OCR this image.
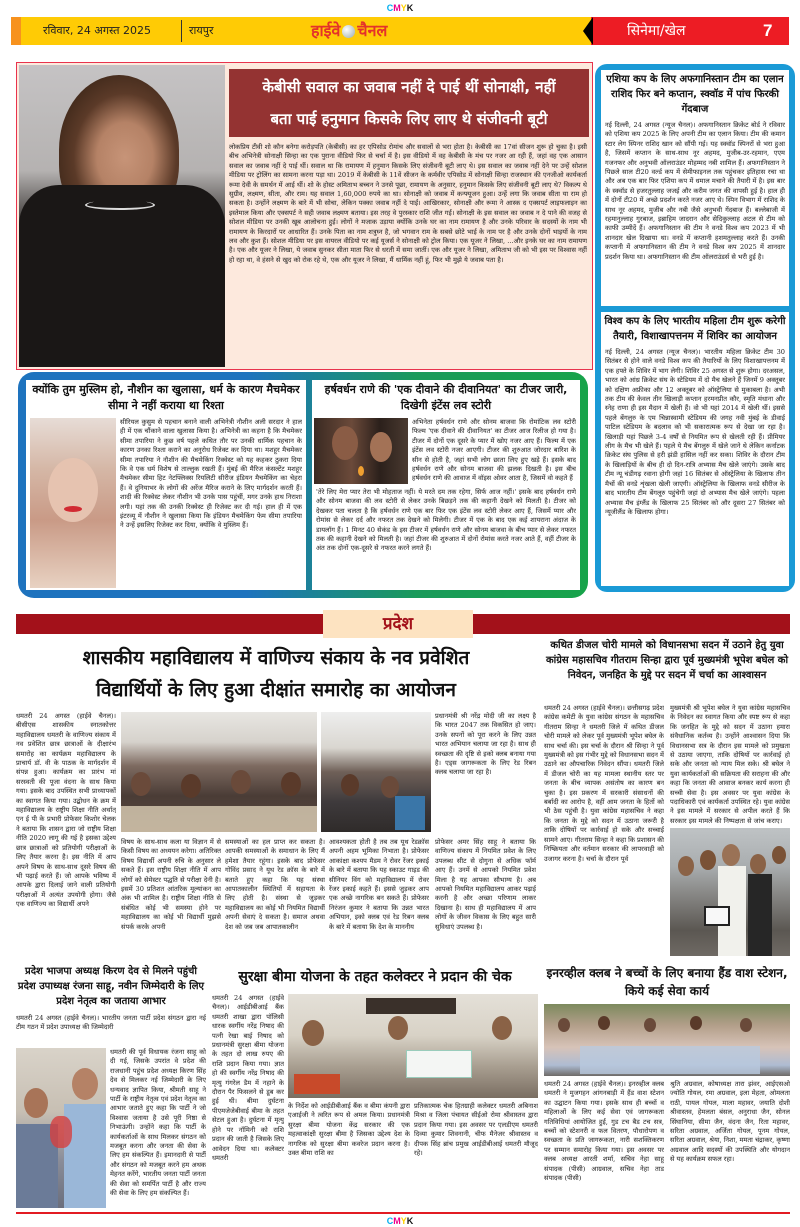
CMYK
रविवार, 24 अगस्त 2025	रायपुर	हाईवे चैनल	सिनेमा/खेल	7
केबीसी सवाल का जवाब नहीं दे पाई थीं सोनाक्षी, नहीं
बता पाई हनुमान किसके लिए लाए थे संजीवनी बूटी
लोकप्रिय टीवी शो कौन बनेगा करोड़पति (केबीसी) का हर एपिसोड रोमांच और सवालों से भरा होता है। केबीसी का 17वां सीजन शुरू हो चुका है। इसी बीच अभिनेत्री सोनाक्षी सिन्हा का एक पुराना वीडियो फिर से चर्चा में है। इस वीडियो में वह केबीसी के मंच पर नजर आ रही हैं, जहां वह एक आसान सवाल का जवाब नहीं दे पाई थीं। सवाल था कि रामायण में हनुमान किसके लिए संजीवनी बूटी लाए थे। इस सवाल का जवाब नहीं देने पर उन्हें सोशल मीडिया पर ट्रोलिंग का सामना करना पड़ा था। 2019 में केबीसी के 11वें सीजन के कर्मवीर एपिसोड में सोनाक्षी सिन्हा राजस्थान की एनजीओ कार्यकर्ता रूमा देवी के समर्थन में आई थीं। शो के होस्ट अमिताभ बच्चन ने उनसे पूछा, रामायण के अनुसार, हनुमान किसके लिए संजीवनी बूटी लाए थे? विकल्प थे सुग्रीव, लक्ष्मण, सीता, और राम। यह सवाल 1,60,000 रुपये का था। सोनाक्षी को जवाब में कन्फ्यूजन हुआ। उन्हें लगा कि जवाब सीता या राम हो सकता है। उन्होंने लक्ष्मण के बारे में भी सोचा, लेकिन पक्का जवाब नहीं दे पाईं। आखिरकार, सोनाक्षी और रूमा ने आस्क द एक्सपर्ट लाइफलाइन का इस्तेमाल किया और एक्सपर्ट ने सही जवाब लक्ष्मण बताया। इस तरह वे पुरस्कार राशि जीत गईं। सोनाक्षी के इस सवाल का जवाब न दे पाने की वजह से सोशल मीडिया पर उनकी खूब आलोचना हुई। लोगों ने मजाक उड़ाया क्योंकि उनके घर का नाम रामायण है और उनके परिवार के सदस्यों के नाम भी रामायण के किरदारों पर आधारित हैं। उनके पिता का नाम शत्रुघ्न है, जो भगवान राम के सबसे छोटे भाई के नाम पर है और उनके दोनों भाइयों के नाम लव और कुश हैं। सोशल मीडिया पर इस वायरल वीडियो पर कई यूजर्स ने सोनाक्षी को ट्रोल किया। एक यूजर ने लिखा, ...और इनके घर का नाम रामायण है। एक और यूजर ने लिखा, ये जवाब सुनकर सीता माता फिर से धरती में समा जातीं। एक और यूजर ने लिखा, अमिताभ जी को भी इस पर विश्वास नहीं हो रहा था, वे हंसने से खुद को रोक रहे थे, एक और यूजर ने लिखा, मैं धार्मिक नहीं हूं, फिर भी मुझे ये जवाब पता है।
क्योंकि तुम मुस्लिम हो, नौशीन का खुलासा, धर्म के कारण मैचमेकर सीमा ने नहीं कराया था रिश्ता
सीरियल कुसुम से पहचान बनाने वाली अभिनेत्री नौशीन अली सरदार ने हाल ही में एक चौंकाने वाला खुलासा किया है। अभिनेत्री का कहना है कि मैचमेकर सीमा तपारिया ने कुछ वर्ष पहले कथित तौर पर उनकी धार्मिक पहचान के कारण उनका रिश्ता कराने का अनुरोध रिजेक्ट कर दिया था। मशहूर मैचमेकर सीमा तपारिया ने नौशीन की मैचमेकिंग रिक्वेस्ट को यह कहकर ठुकरा दिया कि वे एक धर्म विशेष से ताल्लुक रखती हैं। मुंबई की मैरिज कंसल्टेंट मशहूर मैचमेकर सीमा हिट नेटफ्लिक्स रियलिटी सीरीज इंडियन मैचमेकिंग का चेहरा हैं। वे दुनियाभर के लोगों की अरेंज मैरिज कराने के लिए मार्गदर्शन करती हैं। शादी की रिक्वेस्ट लेकर नौशीन भी उनके पास पहुंचीं, मगर उनके हाथ निराशा लगी। यहां तक की उनकी रिक्वेस्ट ही रिजेक्ट कर दी गई। हाल ही में एक इंटरव्यू में नौशीन ने खुलासा किया कि इंडियन मैचमेकिंग फेम सीमा तपारिया ने उन्हें इसलिए रिजेक्ट कर दिया, क्योंकि वे मुस्लिम हैं।
हर्षवर्धन राणे की 'एक दीवाने की दीवानियत' का टीजर जारी, दिखेगी इंटेंस लव स्टोरी
अभिनेता हर्षवर्धन राणे और सोनम बाजवा कि रोमांटिक लव स्टोरी फिल्म 'एक दीवाने की दीवानियत' का टीजर आज रिलीज हो गया है। टीजर में दोनों एक दूसरे के प्यार में खोए नजर आए हैं। फिल्म में एक इंटेंस लव स्टोरी नजर आएगी। टीजर की शुरुआत जोरदार बारिश के सीन से होती है, जहां सभी लोग छाता लिए हुए खड़े हैं। इसके बाद हर्षवर्धन राणे और सोनम बाजवा की झलक दिखती है। इस बीच हर्षवर्धन राणे की आवाज में वॉइस ओवर आता है, जिसमें वो कहते हैं
'तेरे लिए मेरा प्यार तेरा भी मोहताज नहीं। ये मरते दम तक रहेगा, सिर्फ आज नहीं।' इसके बाद हर्षवर्धन राणे और सोनम बाजवा की लव स्टोरी से लेकर उनके बिछड़ने तक की कहानी देखने को मिलती है। टीजर को देखकर पता चलता है कि हर्षवर्धन राणे एक बार फिर एक इंटेंस लव स्टोरी लेकर आए हैं, जिसमें प्यार और रोमांस से लेकर दर्द और नफरत तक देखने को मिलेगी। टीजर में एक के बाद एक कई शायराना अंदाज के डायलॉग हैं। 1 मिनट 40 सेकंड के इस टीजर में हर्षवर्धन राणे और सोनम बाजवा के बीच प्यार से लेकर नफरत तक की कहानी देखने को मिलती है। जहां टीजर की शुरुआत में दोनों रोमांस करते नजर आते हैं, वहीं टीजर के अंत तक दोनों एक-दूसरे से नफरत करने लगते हैं।
एशिया कप के लिए अफगानिस्तान टीम का एलान राशिद फिर बने कप्तान, स्क्वॉड में पांच फिरकी गेंदबाज
नई दिल्ली, 24 अगस्त (न्यूज चैनल)। अफगानिस्तान क्रिकेट बोर्ड ने रविवार को एशिया कप 2025 के लिए अपनी टीम का एलान किया। टीम की कमान स्टार लेग स्पिनर राशिद खान को सौंपी गई। यह स्क्वॉड स्पिनरों से भरा हुआ है, जिसमें कप्तान के साथ-साथ नूर अहमद, मुजीब-उर-रहमान, एएम गजनफर और अनुभवी ऑलराउंडर मोहम्मद नबी शामिल हैं। अफगानिस्तान ने पिछले साल टी20 वर्ल्ड कप में सेमीफाइनल तक पहुंचकर इतिहास रचा था और अब एक बार फिर एशिया कप में धमाल मचाने की तैयारी में है। इस बार के स्क्वॉड से हजरतुल्लाह जजई और करीम जनत की वापसी हुई है। हाल ही में दोनों टी20 में अच्छे प्रदर्शन करते नजर आए थे। स्पिन विभाग में राशिद के साथ नूर अहमद, मुजीब और नबी जैसे अनुभवी गेंदबाज हैं। बल्लेबाजी में रहमानुल्लाह गुरबाज, इब्राहिम जादरान और सेदिकुल्लाह अटल से टीम को काफी उम्मीदें हैं। अफगानिस्तान की टीम ने वनडे विश्व कप 2023 में भी शानदार खेल दिखाया था। वनडे में कप्तानी हशमतुल्लाह करते हैं। उनकी कप्तानी में अफगानिस्तान की टीम ने वनडे विश्व कप 2025 में शानदार प्रदर्शन किया था। अफगानिस्तान की टीम ऑलराउंडर्स से भरी हुई है।
विश्व कप के लिए भारतीय महिला टीम शुरू करेगी तैयारी, विशाखापत्तनम में शिविर का आयोजन
नई दिल्ली, 24 अगस्त (न्यूज चैनल)। भारतीय महिला क्रिकेट टीम 30 सितंबर से होने वाले वनडे विश्व कप की तैयारियों के लिए विशाखापत्तनम में एक हफ्ते के शिविर में भाग लेगी। शिविर 25 अगस्त से शुरू होगा। दरअसल, भारत को आंध्र क्रिकेट संघ के स्टेडियम में दो मैच खेलने हैं जिनमें 9 अक्तूबर को दक्षिण अफ्रीका और 12 अक्तूबर को ऑस्ट्रेलिया से मुकाबला है। अभी तक टीम की केवल तीन खिलाड़ी कप्तान हरमनप्रीत कौर, स्मृति मंधाना और स्नेह राणा ही इस मैदान में खेली हैं। वो भी यहां 2014 में खेली थीं। इससे पहले बेंगलुरु के एम चिन्नास्वामी स्टेडियम की जगह नवी मुंबई के डीवाई पाटिल स्टेडियम के बदलाव को भी सकारात्मक रूप से देखा जा रहा है। खिलाड़ी यहां पिछले 3-4 वर्षों से नियमित रूप से खेलती रही हैं। प्रीमियर लीग के मैच भी खेले हैं। पहले ये मैच बेंगलुरु में खेले जाने थे लेकिन कर्नाटक क्रिकेट संघ पुलिस से हरी झंडी हासिल नहीं कर सका। शिविर के दौरान टीम के खिलाड़ियों के बीच ही दो दिन-रात्रि अभ्यास मैच खेले जाएंगे। उसके बाद टीम न्यू चंडीगढ़ रवाना होगी जहां 16 सितंबर से ऑस्ट्रेलिया के खिलाफ तीन मैचों की वनडे शृंखला खेली जाएगी। ऑस्ट्रेलिया के खिलाफ वनडे सीरीज के बाद भारतीय टीम बेंगलूरु पहुंचेगी जहां दो अभ्यास मैच खेले जाएंगे। पहला अभ्यास मैच इंग्लैंड के खिलाफ 25 सितंबर को और दूसरा 27 सितंबर को न्यूजीलैंड के खिलाफ होगा।
प्रदेश
शासकीय महाविद्यालय में वाणिज्य संकाय के नव प्रवेशित
विद्यार्थियों के लिए हुआ दीक्षांत समारोह का आयोजन
धमतरी 24 अगस्त (हाईवे चैनल)। बीसीएस शासकीय स्नातकोत्तर महाविद्यालय धमतरी के वाणिज्य संकाय में नव प्रवेशित छात्र छात्राओं के दीक्षारंभ समारोह का कार्यक्रम महाविद्यालय के प्राचार्य डॉ. वी के पाठक के मार्गदर्शन में संपन्न हुआ। कार्यक्रम का प्रारंभ मां सरस्वती की पूजा वंदना के साथ किया गया। इसके बाद उपस्थित सभी प्राध्यापकों का स्वागत किया गया। उद्बोधन के क्रम में महाविद्यालय के राष्ट्रीय शिक्षा नीति अर्थात् एन ई पी के प्रभारी प्रोफेसर किशोर चेलक ने बताया कि शासन द्वारा जो राष्ट्रीय शिक्षा नीति 2020 लागू की गई है इसका उद्देश्य छात्र छात्राओं को प्रतियोगी परीक्षाओं के लिए तैयार करना है। इस नीति में आप अपने विषय के साथ-साथ दूसरे विषय की भी पढ़ाई करते हैं। जो आपके भविष्य में आपके द्वारा दिलाई जाने वाली प्रतियोगी परीक्षाओं में अत्यंत उपयोगी होगा। जैसे एक वाणिज्य का विद्यार्थी अपने
प्रधानमंत्री श्री नरेंद्र मोदी जी का लक्ष्य है कि भारत 2047 तक विकसित हो जाए। उनके सपनों को पूरा करने के लिए उन्नत भारत अभियान चलाया जा रहा है। साथ ही स्वच्छता की दृष्टि से इको क्लब बनाया गया है। एड्स जागरूकता के लिए रेड रिबन क्लब चलाया जा रहा है।
विषय के साथ-साथ कला या विज्ञान में से किसी विषय का अध्ययन करेगा। अतिरिक्त विषय विद्यार्थी अपनी रुचि के अनुसार ले सकते हैं। इस राष्ट्रीय शिक्षा नीति में आप लोगों को सेमेस्टर पद्धति से परीक्षा देनी है। इसमें 30 प्रतिशत आंतरिक मूल्यांकन का अंक भी शामिल है। राष्ट्रीय शिक्षा नीति से संबंधित कोई भी समस्या होने पर महाविद्यालय का कोई भी विद्यार्थी मुझसे संपर्क करके अपनी
समस्याओं का हल प्राप्त कर सकता है। आपकी समस्याओं के समाधान के लिए मैं हमेशा तैयार रहूंगा। इसके बाद प्रोफेसर गोविंद प्रसाद ने यूथ रेड क्रॉस के बारे में बताते हुए कहा कि यह संस्था आपातकालीन स्थितियों में सहायता के लिए होती है। संस्था से जुड़कर महाविद्यालय का कोई भी नियमित विद्यार्थी अपनी सेवाएं दे सकता है। समाज अथवा देश को जब जब आपातकालीन
आवश्यकता होती है तब तब यूथ रेडक्रॉस अपनी अहम भूमिका निभाता है। प्रोफेसर आकांक्षा कश्यप मैडम ने रोवर रेंजर इकाई के बारे में बताया कि यह स्काउट गाइड की सीनियर विंग को महाविद्यालय में रोवर रेंजर इकाई कहते हैं। इससे जुड़कर आप एक अच्छे नागरिक बन सकते हैं। प्रोफेसर निरंजन कुमार ने बताया कि उन्नत भारत अभियान, इको क्लब एवं रेड रिबन क्लब के बारे में बताया कि देश के माननीय
प्रोफेसर अमर सिंह साहू ने बताया कि वाणिज्य संकाय में नियमित प्रवेश के लिए उपलब्ध सीट से दोगुना से अधिक फॉर्म आए हैं। उनमें से आपको नियमित प्रवेश मिला है यह आपका सौभाग्य है। अब आपको नियमित महाविद्यालय आकर पढ़ाई करनी है और अच्छा परिणाम लाकर दिखाना है। साथ ही महाविद्यालय में आप लोगों के जीवन विकास के लिए बहुत सारी सुविधाएं उपलब्ध है।
कथित डीजल चोरी मामले को विधानसभा सदन में उठाने हेतु युवा कांग्रेस महासचिव गीतराम सिन्हा द्वारा पूर्व मुख्यमंत्री भूपेश बघेल को निवेदन, जनहित के मुद्दे पर सदन में चर्चा का आश्वासन
धमतरी 24 अगस्त (हाईवे चैनल)। छत्तीसगढ़ प्रदेश कांग्रेस कमेटी के युवा कांग्रेस संगठन के महासचिव गीतराम सिन्हा ने धमतरी जिले में कथित डीजल चोरी मामले को लेकर पूर्व मुख्यमंत्री भूपेश बघेल के साथ चर्चा की। इस चर्चा के दौरान श्री सिन्हा ने पूर्व मुख्यमंत्री को इस गंभीर मुद्दे को विधानसभा सदन में उठाने का औपचारिक निवेदन सौंपा। धमतरी जिले में डीजल चोरी का यह मामला स्थानीय स्तर पर जनता के बीच व्यापक असंतोष का कारण बन चुका है। इस प्रकरण में सरकारी संसाधनों की बर्बादी का आरोप है, वहीं आम जनता के हितों को भी ठेस पहुंची है। युवा कांग्रेस महासचिव ने कहा कि जनता के मुद्दे को सदन में उठाना जरूरी है ताकि दोषियों पर कार्रवाई हो सके और सच्चाई सामने आए। गीतराम सिन्हा ने कहा कि प्रशासन की निष्क्रियता और वर्तमान सरकार की लापरवाही को उजागर करना है। चर्चा के दौरान पूर्व
मुख्यमंत्री श्री भूपेश बघेल ने युवा कांग्रेस महासचिव के निवेदन का स्वागत किया और स्पष्ट रूप से कहा कि जनहित के मुद्दे को सदन में उठाना हमारा संवैधानिक कर्तव्य है। उन्होंने आश्वासन दिया कि विधानसभा सत्र के दौरान इस मामले को प्रमुखता से उठाया जाएगा, ताकि दोषियों पर कार्रवाई हो सके और जनता को न्याय मिल सके। श्री बघेल ने युवा कार्यकर्ताओं की सक्रियता की सराहना की और कहा कि जनता की आवाज बनकर कार्य करना ही सच्ची सेवा है। इस अवसर पर युवा कांग्रेस के पदाधिकारी एवं कार्यकर्ता उपस्थित रहे। युवा कांग्रेस ने इस मामले में सरकार से अपील करते हैं कि सरकार इस मामले की निष्पक्षता से जांच कराए।
प्रदेश भाजपा अध्यक्ष किरण देव से मिलने पहुंची प्रदेश उपाध्यक्ष रंजना साहू, नवीन जिम्मेदारी के लिए प्रदेश नेतृत्व का जताया आभार
धमतरी 24 अगस्त (हाईवे चैनल)। भारतीय जनता पार्टी प्रदेश संगठन द्वारा नई टीम गठन में प्रदेश उपाध्यक्ष की जिम्मेदारी
धमतरी की पूर्व विधायक रंजना साहू को दी गई, जिसके उपरांत वे प्रदेश की राजधानी पहुंच प्रदेश अध्यक्ष किरण सिंह देव से मिलकर नई जिम्मेदारी के लिए धन्यवाद ज्ञापित किया, श्रीमती साहू ने पार्टी के राष्ट्रीय नेतृत्व एवं प्रदेश नेतृत्व का आभार जताते हुए कहा कि पार्टी ने जो विश्वास जताया है उसे पूरी निष्ठा से निभाऊंगी। उन्होंने कहा कि पार्टी के कार्यकर्ताओं के साथ मिलकर संगठन को मजबूत करना और जनता की सेवा के लिए हम संकल्पित हैं। इमानदारी से पार्टी और संगठन को मजबूत करने हम अथक मेहनत करेंगे, भारतीय जनता पार्टी जनता की सेवा को समर्पित पार्टी है और राज्य की सेवा के लिए हम संकल्पित हैं।
सुरक्षा बीमा योजना के तहत कलेक्टर ने प्रदान की चेक
धमतरी 24 अगस्त (हाईवे चैनल)। आईडीबीआई बैंक धमतरी शाखा द्वारा पॉलिसी धारक स्वर्गीय नरेंद्र निषाद की पत्नी रेखा बाई निषाद को प्रधानमंत्री सुरक्षा बीमा योजना के तहत दो लाख रुपए की राशि प्रदान किया गया। ज्ञात हो की स्वर्गीय नरेंद्र निषाद की मृत्यु गंगरेल डैम में नहाने के दौरान पैर फिसलने से डूब कर हुई थी। बीमा दुर्घटना पीएमजेजेबीवाई बीमा के तहत सेटल हुआ है। दुर्घटना में मृत्यु होने पर नॉमिनी को राशि प्रदान की जाती है जिसके लिए आवेदन दिया था। कलेक्टर धमतरी
के निर्देश को आईडीबीआई बैंक व बीमा कंपनी द्वारा एआईजी ने त्वरित रूप से अमल किया। प्रधानमंत्री सुरक्षा बीमा योजना केंद्र सरकार की एक महत्वाकांक्षी सुरक्षा बीमा है जिसका उद्देश्य देश के नागरिक को सुरक्षा बीमा कवरेज प्रदान करना है। उक्त बीमा राशि का
प्रतिकात्मक चेक हितग्राही कलेक्टर धमतरी अबिनाश मिश्रा व जिला पंचायत सीईओ रोमा श्रीवास्तव द्वारा प्रदान किया गया। इस अवसर पर एलडीएम धमतरी दिव्या कुमार शिवनानी, चीफ मैनेजर श्रीवास्तव व दीपक सिंह ब्रांच प्रमुख आईडीबीआई धमतरी मौजूद रहे।
इनरव्हील क्लब ने बच्चों के लिए बनाया हैंड वाश स्टेशन, किये कई सेवा कार्य
धमतरी 24 अगस्त (हाईवे चैनल)। इनरव्हील क्लब धमतरी ने मुजगहन आंगनबाड़ी में हैंड वाश स्टेशन का उद्घाटन किया गया। इसके साथ ही बच्चों व महिलाओं के लिए कई सेवा एवं जागरूकता गतिविधियां आयोजित हुईं, गुड टच बैड टच सत्र, बच्चों को स्टेशनरी व फल वितरण, पौधारोपण व स्वच्छता के प्रति जागरूकता, नारी सशक्तिकरण पर सम्मान समारोह किया गया। इस अवसर पर क्लब अध्यक्ष आरती शर्मा, सचिव नेहा साहू संपादक (पीसी) आग्रवाल, सचिव नेहा ताड संपादक (पीसी)
श्रुति अग्रवाल, कोषाध्यक्ष तारा झंवर, आईएसओ ज्योति गोयल, रमा अग्रवाल, इला मेहता, ओमलता राठी, पायल गोयल, माला महावर, जयाति दोशी श्रीवास्तव, हेमलता बंसल, अनुराधा जैन, सोनल सिंघानिया, सीमा जैन, वंदना जैन, रिता महावर, सरिता अग्रवाल, अर्जिता गोयल, पूनम गोयल, सरिता अग्रवाल, श्रेया, निशा, ममता चंद्राकर, कृष्णा अग्रवाल आदि सदस्यों की उपस्थिति और योगदान से यह कार्यक्रम सफल रहा।
CMYK
